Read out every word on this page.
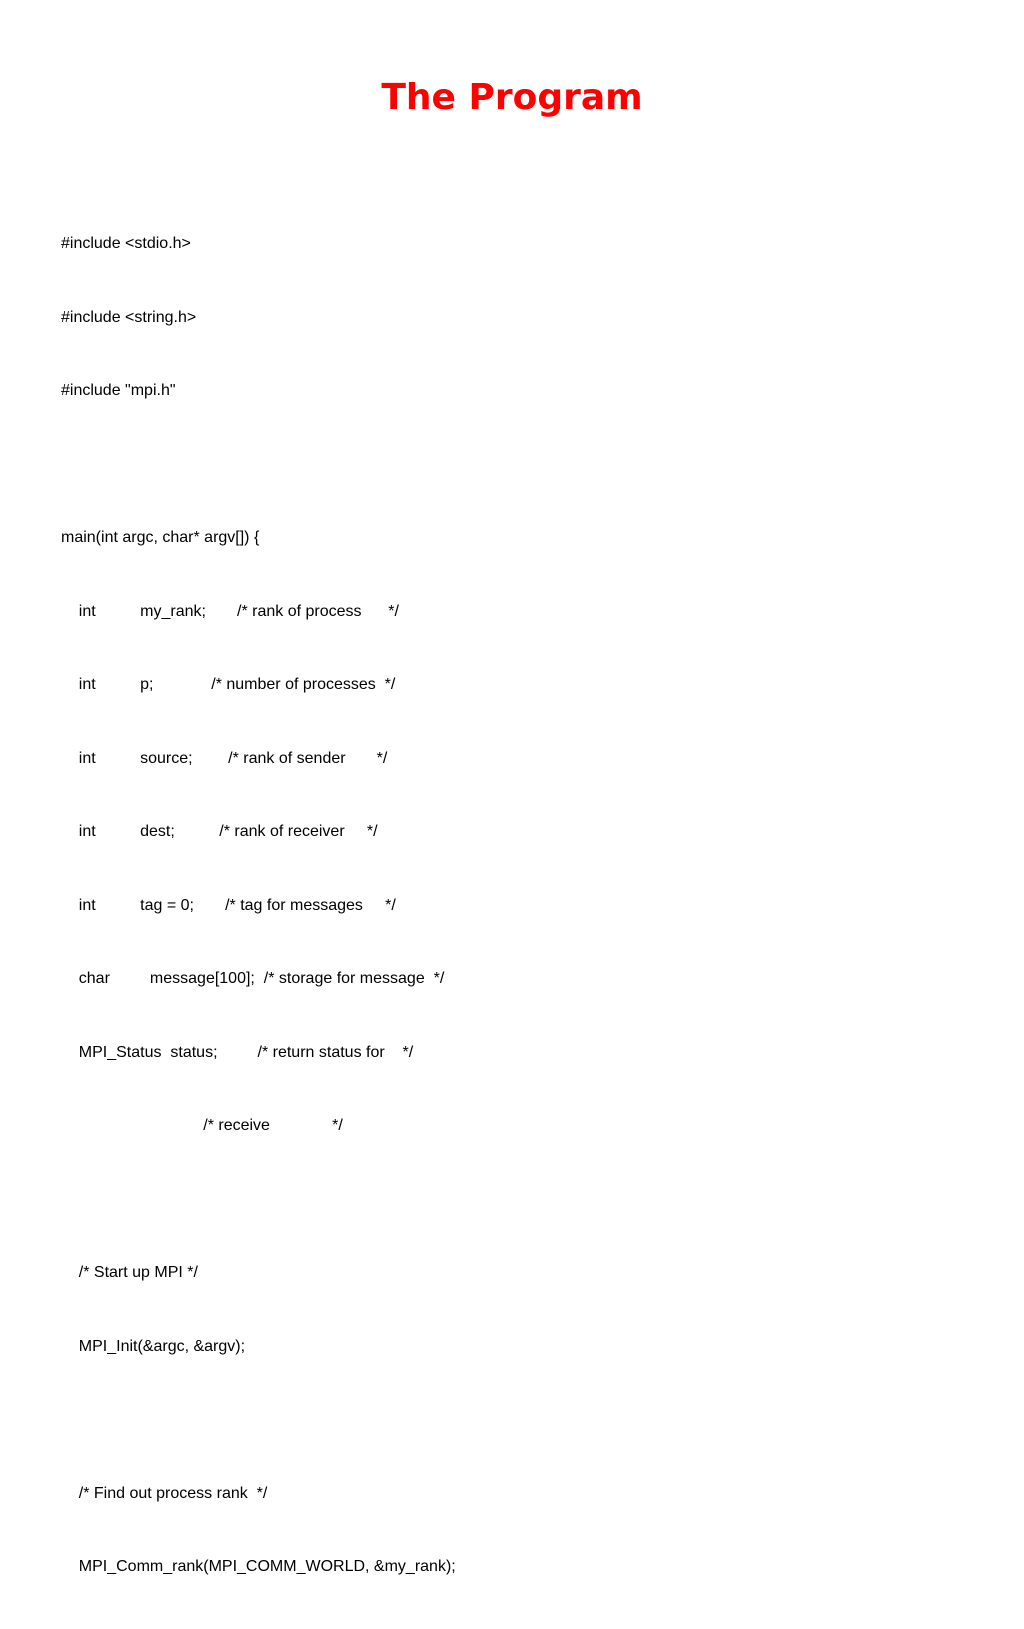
The Program

#include <stdio.h>

#include <string.h>

#include "mpi.h"

main(int argc, char* argv[]) {

int          my_rank;       /* rank of process      */

int          p;             /* number of processes  */

int          source;        /* rank of sender       */

int          dest;          /* rank of receiver     */

int          tag = 0;       /* tag for messages     */

char         message[100];  /* storage for message  */

MPI_Status  status;         /* return status for    */

/* receive              */

/* Start up MPI */

MPI_Init(&argc, &argv);

/* Find out process rank  */

MPI_Comm_rank(MPI_COMM_WORLD, &my_rank);
